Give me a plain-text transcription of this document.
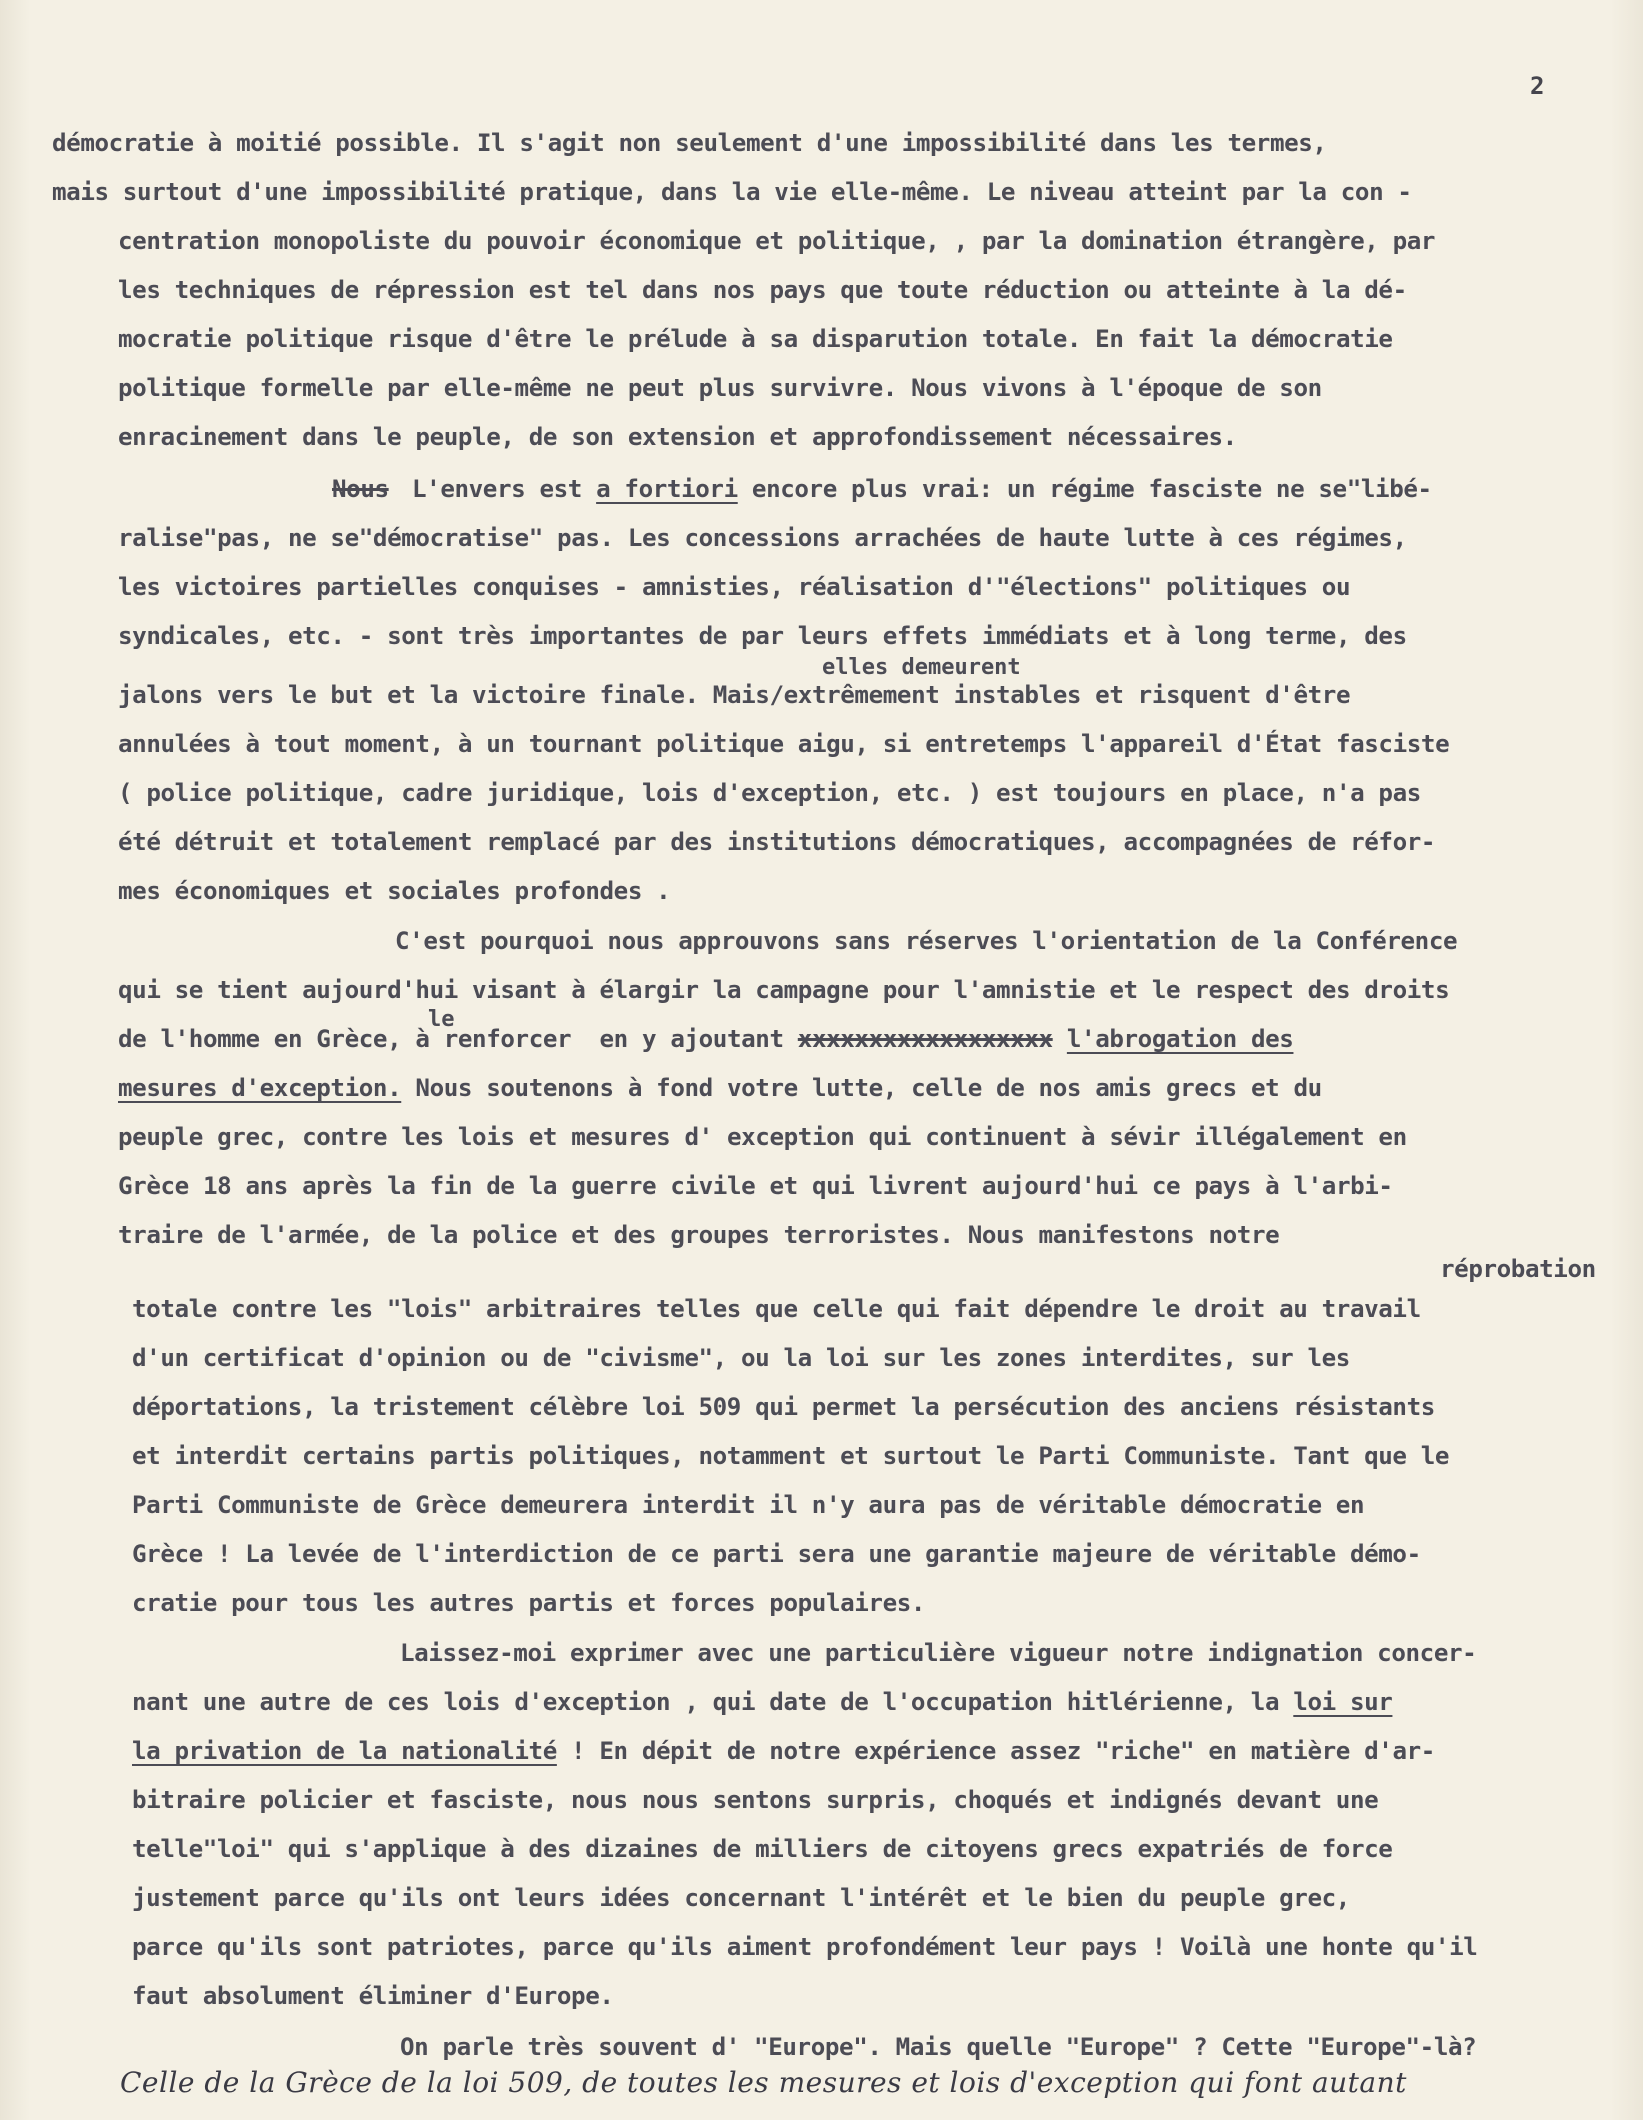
2
démocratie à moitié possible. Il s'agit non seulement d'une impossibilité dans les termes,
mais surtout d'une impossibilité pratique, dans la vie elle-même. Le niveau atteint par la con -
centration monopoliste du pouvoir économique et politique, , par la domination étrangère, par
les techniques de répression est tel dans nos pays que toute réduction ou atteinte à la dé-
mocratie politique risque d'être le prélude à sa disparution totale. En fait la démocratie
politique formelle par elle-même ne peut plus survivre. Nous vivons à l'époque de son
enracinement dans le peuple, de son extension et approfondissement nécessaires.
Nous L'envers est a fortiori encore plus vrai: un régime fasciste ne se"libé-
ralise"pas, ne se"démocratise" pas. Les concessions arrachées de haute lutte à ces régimes,
les victoires partielles conquises - amnisties, réalisation d'"élections" politiques ou
syndicales, etc. - sont très importantes de par leurs effets immédiats et à long terme, des
elles demeurent
jalons vers le but et la victoire finale. Mais/extrêmement instables et risquent d'être
annulées à tout moment, à un tournant politique aigu, si entretemps l'appareil d'État fasciste
( police politique, cadre juridique, lois d'exception, etc. ) est toujours en place, n'a pas
été détruit et totalement remplacé par des institutions démocratiques, accompagnées de réfor-
mes économiques et sociales profondes .
C'est pourquoi nous approuvons sans réserves l'orientation de la Conférence
qui se tient aujourd'hui visant à élargir la campagne pour l'amnistie et le respect des droits
le
de l'homme en Grèce, à renforcer  en y ajoutant xxxxxxxxxxxxxxxxxx l'abrogation des
mesures d'exception. Nous soutenons à fond votre lutte, celle de nos amis grecs et du
peuple grec, contre les lois et mesures d' exception qui continuent à sévir illégalement en
Grèce 18 ans après la fin de la guerre civile et qui livrent aujourd'hui ce pays à l'arbi-
traire de l'armée, de la police et des groupes terroristes. Nous manifestons notre
réprobation
totale contre les "lois" arbitraires telles que celle qui fait dépendre le droit au travail
d'un certificat d'opinion ou de "civisme", ou la loi sur les zones interdites, sur les
déportations, la tristement célèbre loi 509 qui permet la persécution des anciens résistants
et interdit certains partis politiques, notamment et surtout le Parti Communiste. Tant que le
Parti Communiste de Grèce demeurera interdit il n'y aura pas de véritable démocratie en
Grèce ! La levée de l'interdiction de ce parti sera une garantie majeure de véritable démo-
cratie pour tous les autres partis et forces populaires.
Laissez-moi exprimer avec une particulière vigueur notre indignation concer-
nant une autre de ces lois d'exception , qui date de l'occupation hitlérienne, la loi sur
la privation de la nationalité ! En dépit de notre expérience assez "riche" en matière d'ar-
bitraire policier et fasciste, nous nous sentons surpris, choqués et indignés devant une
telle"loi" qui s'applique à des dizaines de milliers de citoyens grecs expatriés de force
justement parce qu'ils ont leurs idées concernant l'intérêt et le bien du peuple grec,
parce qu'ils sont patriotes, parce qu'ils aiment profondément leur pays ! Voilà une honte qu'il
faut absolument éliminer d'Europe.
On parle très souvent d' "Europe". Mais quelle "Europe" ? Cette "Europe"-là?
Celle de la Grèce de la loi 509, de toutes les mesures et lois d'exception qui font autant
